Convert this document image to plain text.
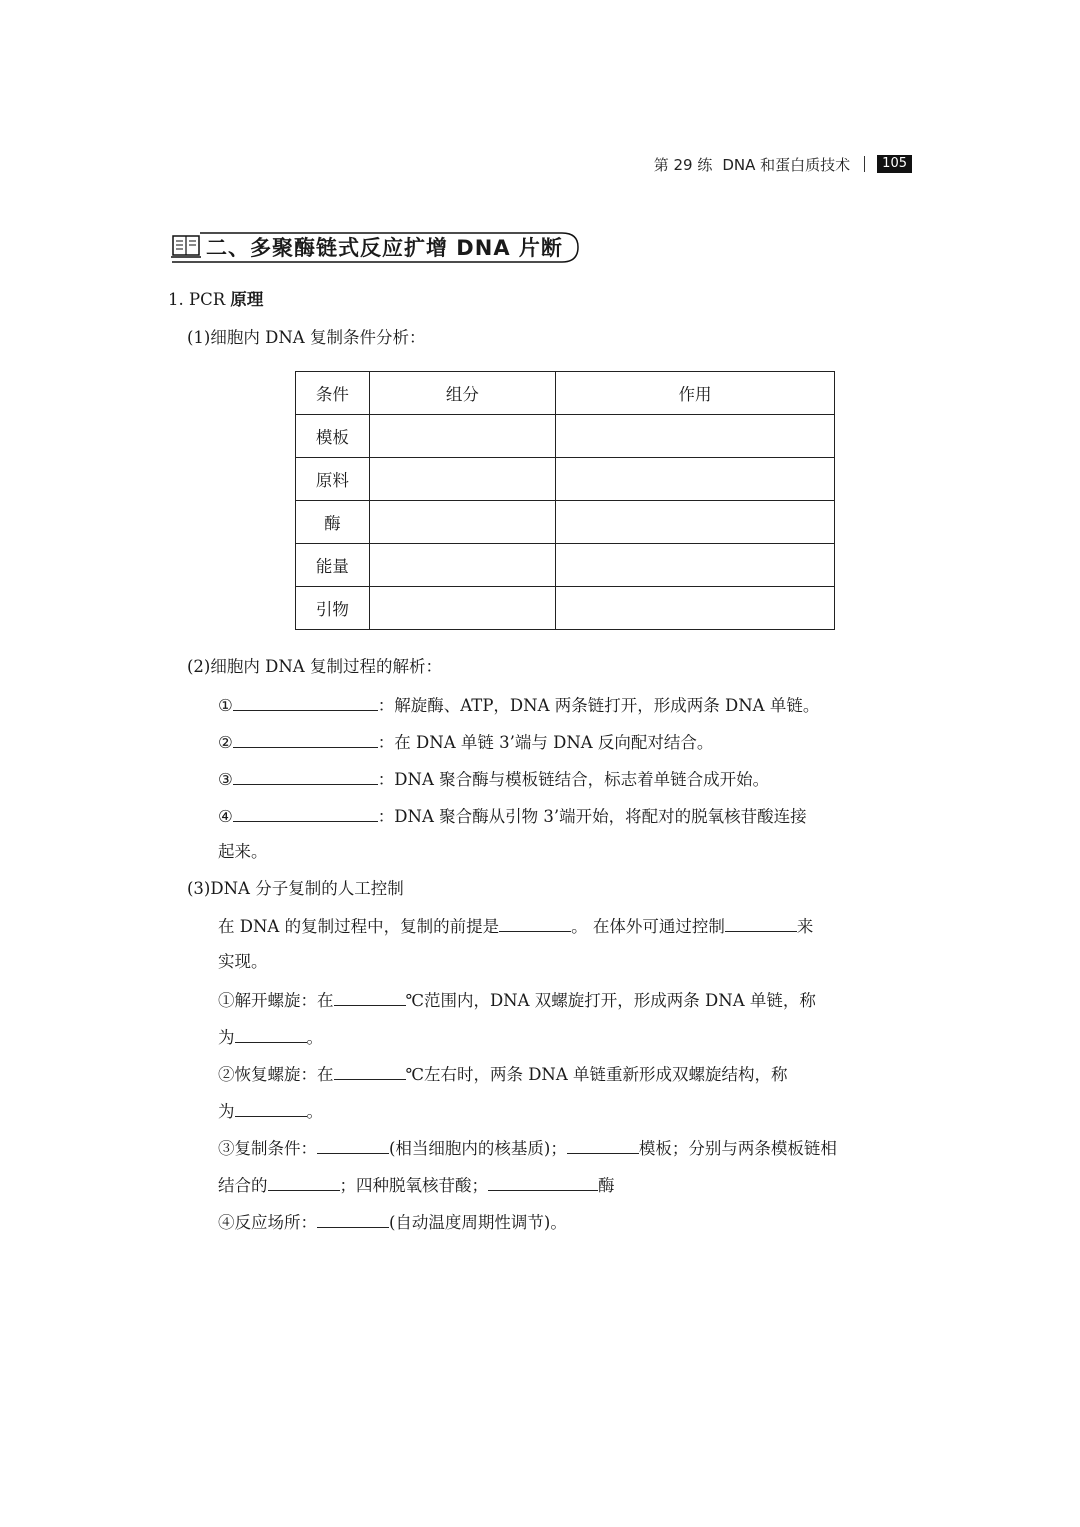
第 29 练 DNA 和蛋白质技术	105
二、多聚酶链式反应扩增 DNA 片断
1. PCR 原理
(1)细胞内 DNA 复制条件分析：
条件	组分	作用
模板		
原料		
酶		
能量		
引物		
(2)细胞内 DNA 复制过程的解析：
①	：解旋酶、ATP，DNA 两条链打开，形成两条 DNA 单链。
②	：在 DNA 单链 3’端与 DNA 反向配对结合。
③	：DNA 聚合酶与模板链结合，标志着单链合成开始。
④	：DNA 聚合酶从引物 3’端开始，将配对的脱氧核苷酸连接
起来。
(3)DNA 分子复制的人工控制
在 DNA 的复制过程中，复制的前提是	。 在体外可通过控制	来
实现。
①解开螺旋：在	℃范围内，DNA 双螺旋打开，形成两条 DNA 单链，称
为	。
②恢复螺旋：在	℃左右时，两条 DNA 单链重新形成双螺旋结构，称
为	。
③复制条件：	(相当细胞内的核基质)；	模板；分别与两条模板链相
结合的	；四种脱氧核苷酸；	酶
④反应场所：	(自动温度周期性调节)。
